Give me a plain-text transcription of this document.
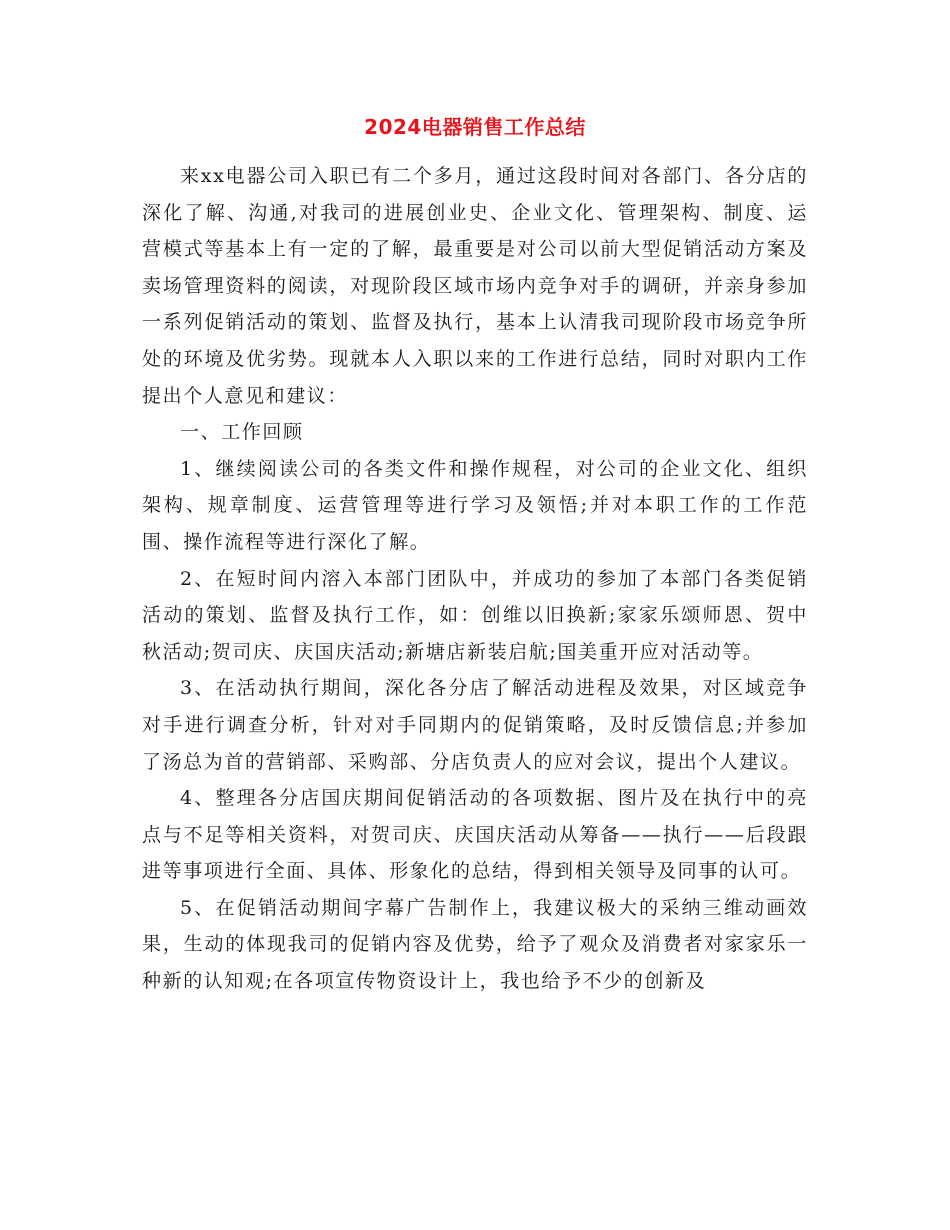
2024电器销售工作总结

来xx电器公司入职已有二个多月，通过这段时间对各部门、各分店的深化了解、沟通,对我司的进展创业史、企业文化、管理架构、制度、运营模式等基本上有一定的了解，最重要是对公司以前大型促销活动方案及卖场管理资料的阅读，对现阶段区域市场内竞争对手的调研，并亲身参加一系列促销活动的策划、监督及执行，基本上认清我司现阶段市场竞争所处的环境及优劣势。现就本人入职以来的工作进行总结，同时对职内工作提出个人意见和建议：

一、工作回顾

1、继续阅读公司的各类文件和操作规程，对公司的企业文化、组织架构、规章制度、运营管理等进行学习及领悟;并对本职工作的工作范围、操作流程等进行深化了解。

2、在短时间内溶入本部门团队中，并成功的参加了本部门各类促销活动的策划、监督及执行工作，如：创维以旧换新;家家乐颂师恩、贺中秋活动;贺司庆、庆国庆活动;新塘店新装启航;国美重开应对活动等。

3、在活动执行期间，深化各分店了解活动进程及效果，对区域竞争对手进行调查分析，针对对手同期内的促销策略，及时反馈信息;并参加了汤总为首的营销部、采购部、分店负责人的应对会议，提出个人建议。

4、整理各分店国庆期间促销活动的各项数据、图片及在执行中的亮点与不足等相关资料，对贺司庆、庆国庆活动从筹备——执行——后段跟进等事项进行全面、具体、形象化的总结，得到相关领导及同事的认可。

5、在促销活动期间字幕广告制作上，我建议极大的采纳三维动画效果，生动的体现我司的促销内容及优势，给予了观众及消费者对家家乐一种新的认知观;在各项宣传物资设计上，我也给予不少的创新及
